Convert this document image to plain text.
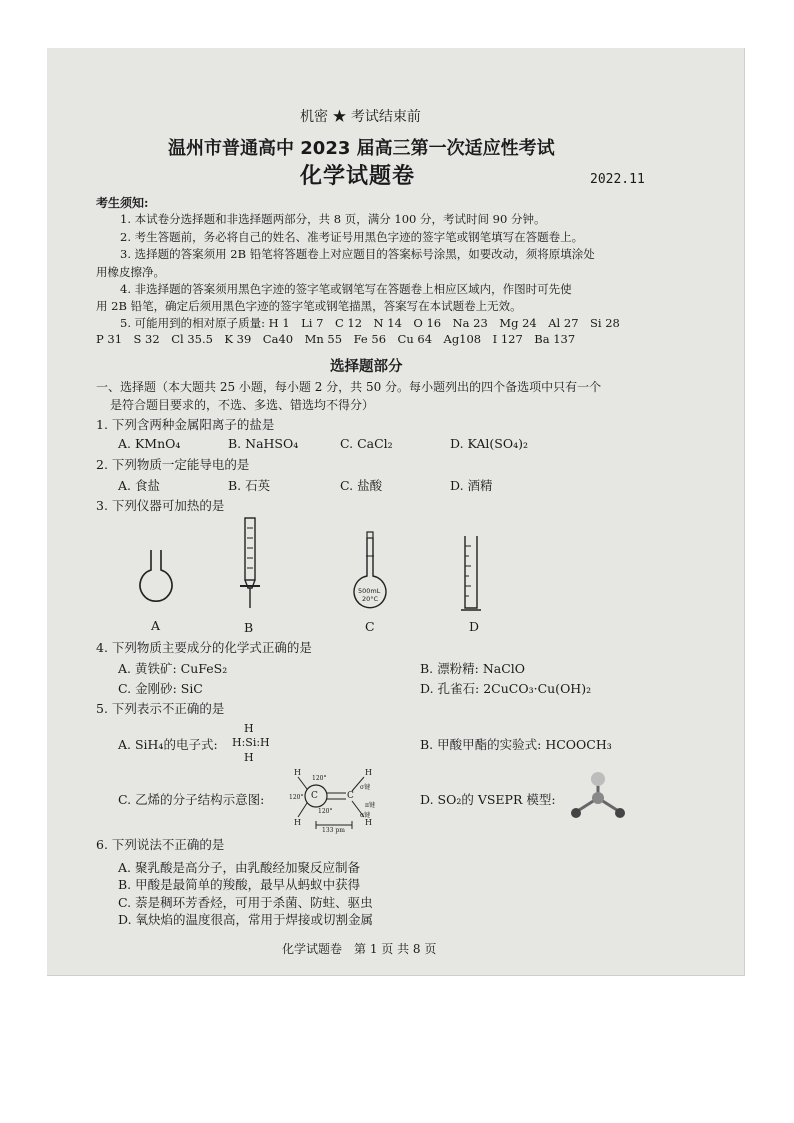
机密 ★ 考试结束前
温州市普通高中 2023 届高三第一次适应性考试
化学试题卷	2022.11
考生须知:
1. 本试卷分选择题和非选择题两部分，共 8 页，满分 100 分，考试时间 90 分钟。
2. 考生答题前，务必将自己的姓名、准考证号用黑色字迹的签字笔或钢笔填写在答题卷上。
3. 选择题的答案须用 2B 铅笔将答题卷上对应题目的答案标号涂黑，如要改动，须将原填涂处
用橡皮擦净。
4. 非选择题的答案须用黑色字迹的签字笔或钢笔写在答题卷上相应区域内，作图时可先使
用 2B 铅笔，确定后须用黑色字迹的签字笔或钢笔描黑，答案写在本试题卷上无效。
5. 可能用到的相对原子质量: H 1　Li 7　C 12　N 14　O 16　Na 23　Mg 24　Al 27　Si 28
P 31　S 32　Cl 35.5　K 39　Ca40　Mn 55　Fe 56　Cu 64　Ag108　I 127　Ba 137
选择题部分
一、选择题（本大题共 25 小题，每小题 2 分，共 50 分。每小题列出的四个备选项中只有一个
是符合题目要求的，不选、多选、错选均不得分）
1. 下列含两种金属阳离子的盐是
A. KMnO₄	B. NaHSO₄	C. CaCl₂	D. KAl(SO₄)₂
2. 下列物质一定能导电的是
A. 食盐	B. 石英	C. 盐酸	D. 酒精
3. 下列仪器可加热的是
500mL
20°C
A	B	C	D
4. 下列物质主要成分的化学式正确的是
A. 黄铁矿: CuFeS₂	B. 漂粉精: NaClO
C. 金刚砂: SiC	D. 孔雀石: 2CuCO₃·Cu(OH)₂
5. 下列表示不正确的是
A. SiH₄的电子式:
H
H:Si:H
H
B. 甲酸甲酯的实验式: HCOOCH₃
C. 乙烯的分子结构示意图:
H
H
H
H
C	C
120°
120°
120°
σ键
π键
σ键
133 pm
D. SO₂的 VSEPR 模型:
6. 下列说法不正确的是
A. 聚乳酸是高分子，由乳酸经加聚反应制备
B. 甲酸是最简单的羧酸，最早从蚂蚁中获得
C. 萘是稠环芳香烃，可用于杀菌、防蛀、驱虫
D. 氧炔焰的温度很高，常用于焊接或切割金属
化学试题卷　第 1 页 共 8 页
